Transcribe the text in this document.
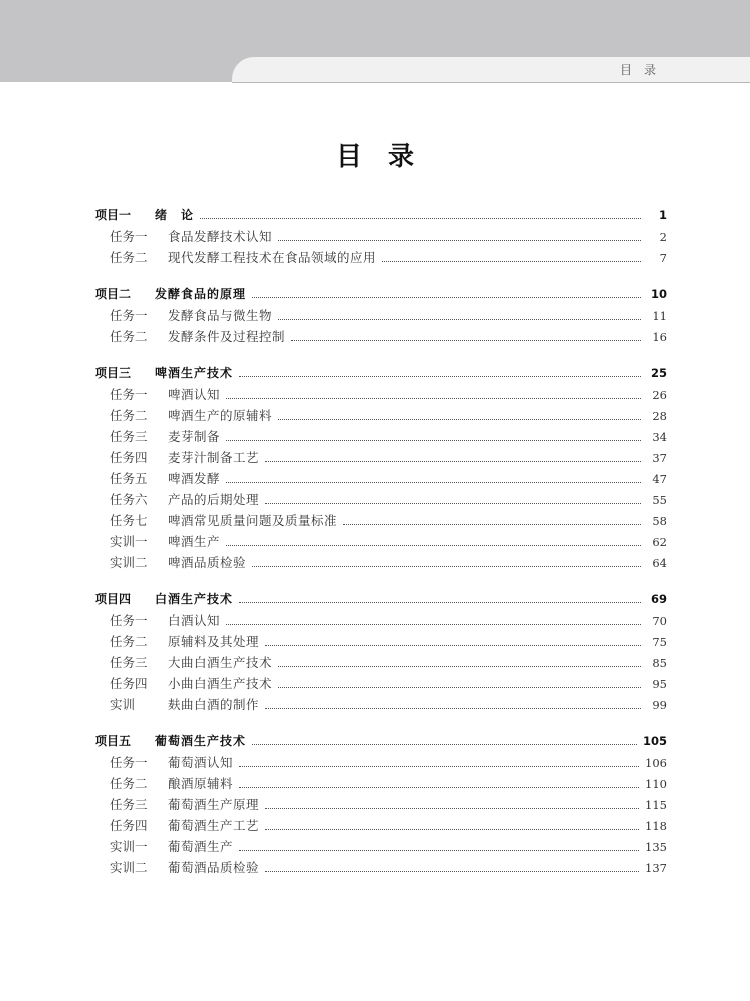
目录
目录
项目一	绪　论	1
任务一	食品发酵技术认知	2
任务二	现代发酵工程技术在食品领域的应用	7
项目二	发酵食品的原理	10
任务一	发酵食品与微生物	11
任务二	发酵条件及过程控制	16
项目三	啤酒生产技术	25
任务一	啤酒认知	26
任务二	啤酒生产的原辅料	28
任务三	麦芽制备	34
任务四	麦芽汁制备工艺	37
任务五	啤酒发酵	47
任务六	产品的后期处理	55
任务七	啤酒常见质量问题及质量标准	58
实训一	啤酒生产	62
实训二	啤酒品质检验	64
项目四	白酒生产技术	69
任务一	白酒认知	70
任务二	原辅料及其处理	75
任务三	大曲白酒生产技术	85
任务四	小曲白酒生产技术	95
实训	麸曲白酒的制作	99
项目五	葡萄酒生产技术	105
任务一	葡萄酒认知	106
任务二	酿酒原辅料	110
任务三	葡萄酒生产原理	115
任务四	葡萄酒生产工艺	118
实训一	葡萄酒生产	135
实训二	葡萄酒品质检验	137
